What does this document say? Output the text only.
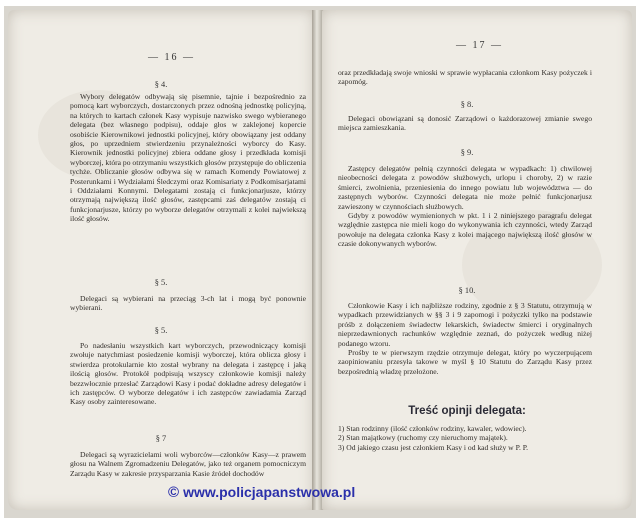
— 16 —
§ 4.

Wybory delegatów odbywają się pisemnie, tajnie i bezpośrednio za pomocą kart wyborczych, dostarczonych przez odnośną jednostkę policyjną, na których to kartach członek Kasy wypisuje nazwisko swego wybieranego delegata (bez własnego podpisu), oddaje głos w zaklejonej kopercie osobiście Kierownikowi jednostki policyjnej, który obowiązany jest oddany głos, po uprzedniem stwierdzeniu przynależności wyborcy do Kasy. Kierownik jednostki policyjnej zbiera oddane głosy i przedkłada komisji wyborczej, która po otrzymaniu wszystkich głosów przystępuje do obliczenia tychże. Obliczanie głosów odbywa się w ramach Komendy Powiatowej z Posterunkami i Wydziałami Śledczymi oraz Komisariaty z Podkomisarjatami i Oddziałami Konnymi. Delegatami zostają ci funkcjonarjusze, którzy otrzymają największą ilość głosów, zastępcami zaś delegatów zostają ci funkcjonarjusze, którzy po wyborze delegatów otrzymali z kolei najwiekszą ilość głosów.

§ 5.

Delegaci są wybierani na przeciąg 3-ch lat i mogą być ponownie wybierani.

§ 5.

Po nadesłaniu wszystkich kart wyborczych, przewodniczący komisji zwołuje natychmiast posiedzenie komisji wyborczej, która oblicza głosy i stwierdza protokularnie kto został wybrany na delegata i zastępcę i jaką ilością głosów. Protokół podpisują wszyscy członkowie komisji należy bezzwłocznie przesłać Zarządowi Kasy i podać dokładne adresy delegatów i ich zastępców. O wyborze delegatów i ich zastępców zawiadamia Zarząd Kasy osoby zainteresowane.

§ 7

Delegaci są wyrazicielami woli wyborców—członków Kasy—z prawem głosu na Walnem Zgromadzeniu Delegatów, jako też organem pomocniczym Zarządu Kasy w zakresie przysparzania Kasie źródeł dochodów

— 17 —

oraz przedkładają swoje wnioski w sprawie wypłacania członkom Kasy pożyczek i zapomóg.

§ 8.

Delegaci obowiązani są donosić Zarządowi o każdorazowej zmianie swego miejsca zamieszkania.

§ 9.

Zastępcy delegatów pełnią czynności delegata w wypadkach: 1) chwilowej nieobecności delegata z powodów służbowych, urlopu i choroby, 2) w razie śmierci, zwolnienia, przeniesienia do innego powiatu lub województwa — do zastępnych wyborów. Czynności delegata nie może pełnić funkcjonarjusz zawieszony w czynnościach służbowych.

Gdyby z powodów wymienionych w pkt. 1 i 2 niniejszego paragrafu delegat względnie zastępca nie mieli kogo do wykonywania ich czynności, wtedy Zarząd powołuje na delegata członka Kasy z kolei mającego największą ilość głosów w czasie dokonywanych wyborów.

§ 10.

Członkowie Kasy i ich najbliższe rodziny, zgodnie z § 3 Statutu, otrzymują w wypadkach przewidzianych w §§ 3 i 9 zapomogi i pożyczki tylko na podstawie próśb z dołączeniem świadectw lekarskich, świadectw śmierci i oryginalnych nieprzedawnionych rachunków względnie zeznań, do pożyczek według niżej podanego wzoru.

Prośby te w pierwszym rzędzie otrzymuje delegat, który po wyczerpującem zaopiniowaniu przesyła takowe w myśl § 10 Statutu do Zarządu Kasy przez bezpośrednią władzę przełożone.

Treść opinji delegata:

1) Stan rodzinny (ilość członków rodziny, kawaler, wdowiec).

2) Stan majątkowy (ruchomy czy nieruchomy majątek).

3) Od jakiego czasu jest członkiem Kasy i od kad służy w P. P.

© www.policjapanstwowa.pl
